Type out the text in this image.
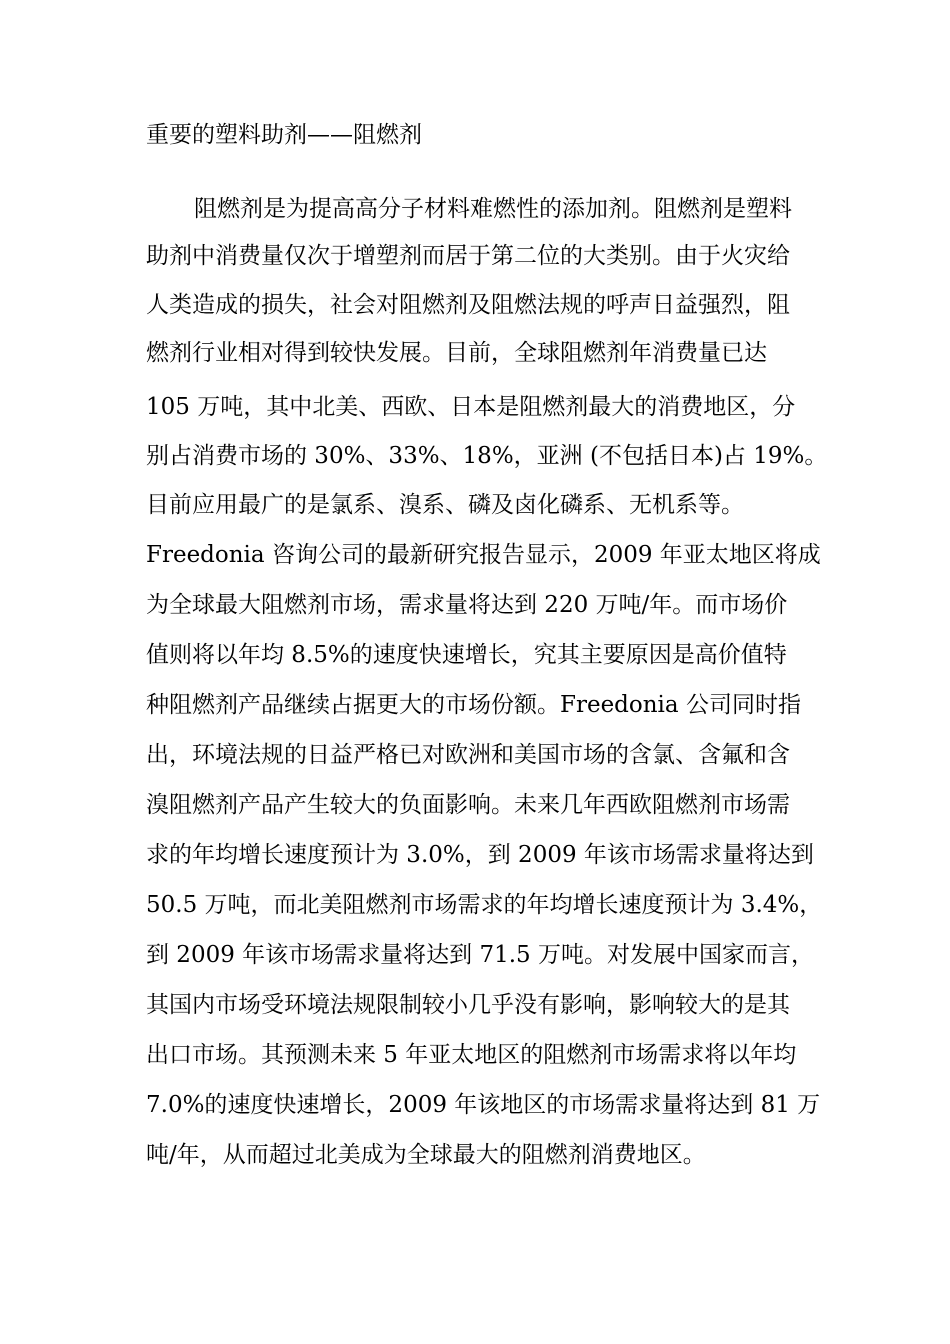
重要的塑料助剂——阻燃剂
阻燃剂是为提高高分子材料难燃性的添加剂。阻燃剂是塑料
助剂中消费量仅次于增塑剂而居于第二位的大类别。由于火灾给
人类造成的损失，社会对阻燃剂及阻燃法规的呼声日益强烈，阻
燃剂行业相对得到较快发展。目前，全球阻燃剂年消费量已达
105 万吨，其中北美、西欧、日本是阻燃剂最大的消费地区，分
别占消费市场的 30%、33%、18%，亚洲 (不包括日本)占 19%。
目前应用最广的是氯系、溴系、磷及卤化磷系、无机系等。
Freedonia 咨询公司的最新研究报告显示，2009 年亚太地区将成
为全球最大阻燃剂市场，需求量将达到 220 万吨/年。而市场价
值则将以年均 8.5%的速度快速增长，究其主要原因是高价值特
种阻燃剂产品继续占据更大的市场份额。Freedonia 公司同时指
出，环境法规的日益严格已对欧洲和美国市场的含氯、含氟和含
溴阻燃剂产品产生较大的负面影响。未来几年西欧阻燃剂市场需
求的年均增长速度预计为 3.0%，到 2009 年该市场需求量将达到
50.5 万吨，而北美阻燃剂市场需求的年均增长速度预计为 3.4%，
到 2009 年该市场需求量将达到 71.5 万吨。对发展中国家而言，
其国内市场受环境法规限制较小几乎没有影响，影响较大的是其
出口市场。其预测未来 5 年亚太地区的阻燃剂市场需求将以年均
7.0%的速度快速增长，2009 年该地区的市场需求量将达到 81 万
吨/年，从而超过北美成为全球最大的阻燃剂消费地区。
